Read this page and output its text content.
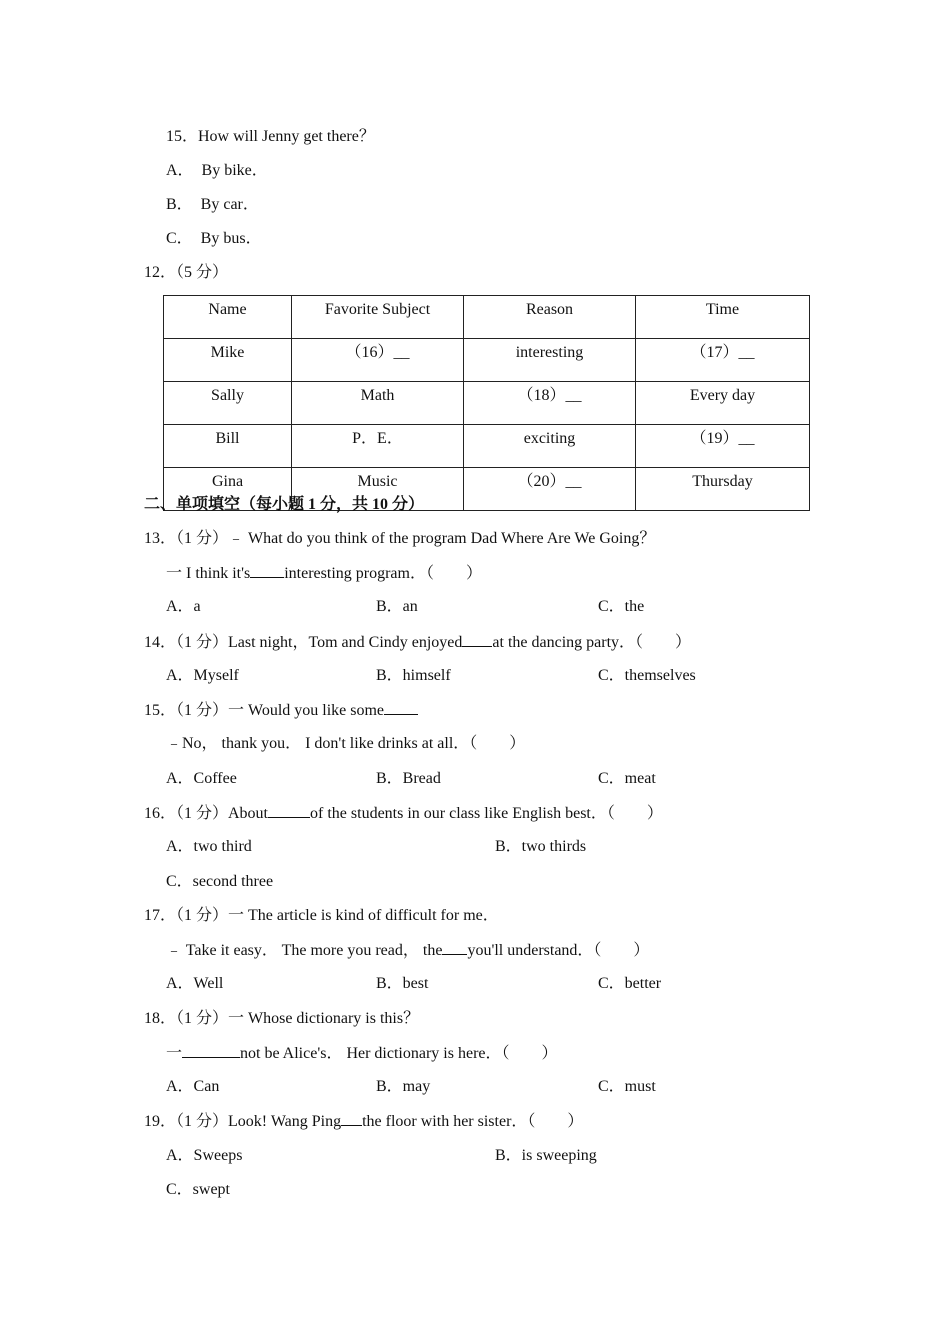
15．How will Jenny get there？
A．  By bike．
B．  By car．
C．  By bus．
12．（5 分）
Name	Favorite Subject	Reason	Time
Mike	（16）__	interesting	（17）__
Sally	Math	（18）__	Every day
Bill	P．E．	exciting	（19）__
Gina	Music	（20）__	Thursday
二、单项填空（每小题 1 分，共 10 分）
13．（1 分）﹣ What do you think of the program Dad Where Are We Going？
一 I think it's interesting program．（        ）
A．a	B．an	C．the
14．（1 分）Last night，Tom and Cindy enjoyed at the dancing party．（        ）
A．Myself	B．himself	C．themselves
15．（1 分）一 Would you like some
﹣No， thank you． I don't like drinks at all．（        ）
A．Coffee	B．Bread	C．meat
16．（1 分）About	of the students in our class like English best．（        ）
A．two third	B．two thirds
C．second three
17．（1 分）一 The article is kind of difficult for me．
﹣ Take it easy． The more you read， the you'll understand．（        ）
A．Well	B．best	C．better
18．（1 分）一 Whose dictionary is this？
一	not be Alice's． Her dictionary is here．（        ）
A．Can	B．may	C．must
19．（1 分）Look! Wang Ping the floor with her sister．（        ）
A．Sweeps	B．is sweeping
C．swept
